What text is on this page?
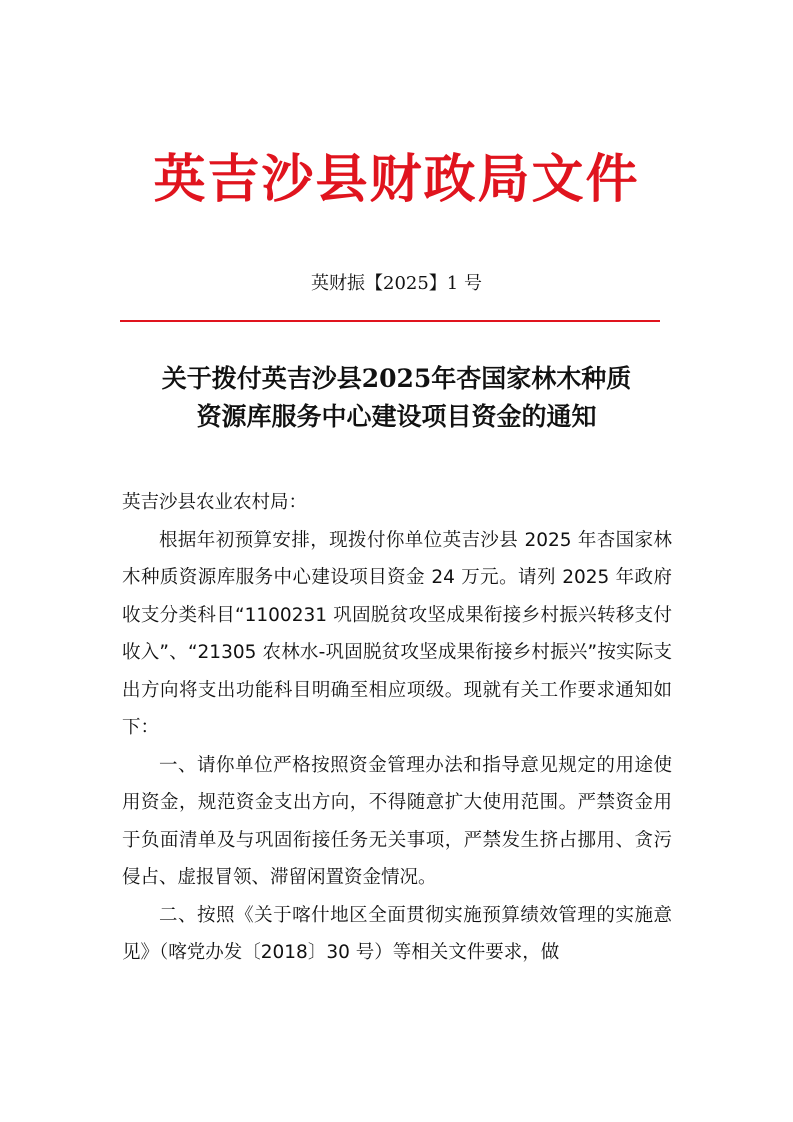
英吉沙县财政局文件
英财振【2025】1 号
关于拨付英吉沙县2025年杏国家林木种质
资源库服务中心建设项目资金的通知

英吉沙县农业农村局：

根据年初预算安排，现拨付你单位英吉沙县 2025 年杏国家林木种质资源库服务中心建设项目资金 24 万元。请列 2025 年政府收支分类科目“1100231 巩固脱贫攻坚成果衔接乡村振兴转移支付收入”、“21305 农林水-巩固脱贫攻坚成果衔接乡村振兴”按实际支出方向将支出功能科目明确至相应项级。现就有关工作要求通知如下：

一、请你单位严格按照资金管理办法和指导意见规定的用途使用资金，规范资金支出方向，不得随意扩大使用范围。严禁资金用于负面清单及与巩固衔接任务无关事项，严禁发生挤占挪用、贪污侵占、虚报冒领、滞留闲置资金情况。

二、按照《关于喀什地区全面贯彻实施预算绩效管理的实施意见》（喀党办发〔2018〕30 号）等相关文件要求，做
